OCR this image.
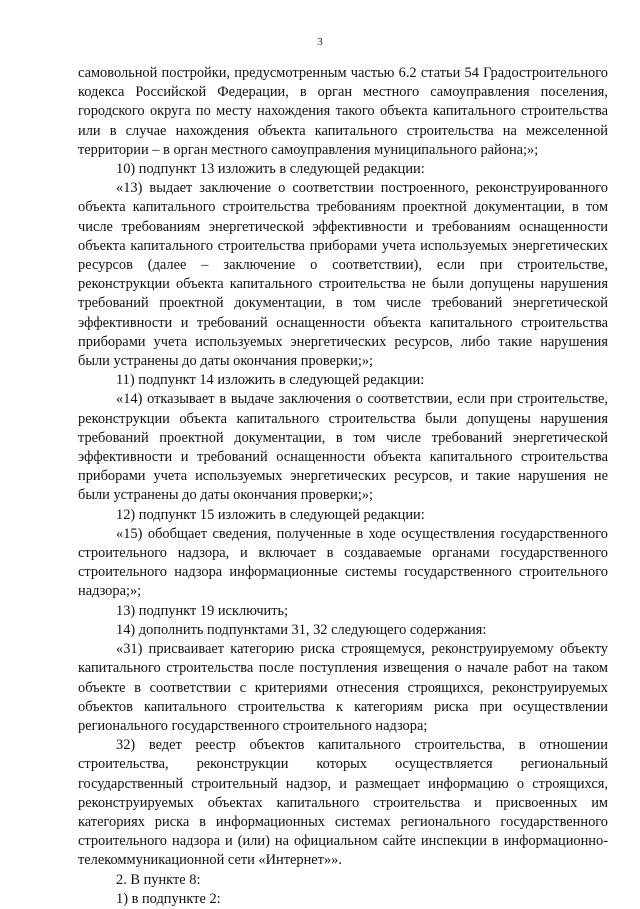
3

самовольной постройки, предусмотренным частью 6.2 статьи 54 Градостроительного кодекса Российской Федерации, в орган местного самоуправления поселения, городского округа по месту нахождения такого объекта капитального строительства или в случае нахождения объекта капитального строительства на межселенной территории – в орган местного самоуправления муниципального района;»;

10) подпункт 13 изложить в следующей редакции:

«13) выдает заключение о соответствии построенного, реконструированного объекта капитального строительства требованиям проектной документации, в том числе требованиям энергетической эффективности и требованиям оснащенности объекта капитального строительства приборами учета используемых энергетических ресурсов (далее – заключение о соответствии), если при строительстве, реконструкции объекта капитального строительства не были допущены нарушения требований проектной документации, в том числе требований энергетической эффективности и требований оснащенности объекта капитального строительства приборами учета используемых энергетических ресурсов, либо такие нарушения были устранены до даты окончания проверки;»;

11) подпункт 14 изложить в следующей редакции:

«14) отказывает в выдаче заключения о соответствии, если при строительстве, реконструкции объекта капитального строительства были допущены нарушения требований проектной документации, в том числе требований энергетической эффективности и требований оснащенности объекта капитального строительства приборами учета используемых энергетических ресурсов, и такие нарушения не были устранены до даты окончания проверки;»;

12) подпункт 15 изложить в следующей редакции:

«15) обобщает сведения, полученные в ходе осуществления государственного строительного надзора, и включает в создаваемые органами государственного строительного надзора информационные системы государственного строительного надзора;»;

13) подпункт 19 исключить;

14) дополнить подпунктами 31, 32 следующего содержания:

«31) присваивает категорию риска строящемуся, реконструируемому объекту капитального строительства после поступления извещения о начале работ на таком объекте в соответствии с критериями отнесения строящихся, реконструируемых объектов капитального строительства к категориям риска при осуществлении регионального государственного строительного надзора;

32) ведет реестр объектов капитального строительства, в отношении строительства, реконструкции которых осуществляется региональный государственный строительный надзор, и размещает информацию о строящихся, реконструируемых объектах капитального строительства и присвоенных им категориях риска в информационных системах регионального государственного строительного надзора и (или) на официальном сайте инспекции в информационно-телекоммуникационной сети «Интернет»».

2. В пункте 8:

1) в подпункте 2:
